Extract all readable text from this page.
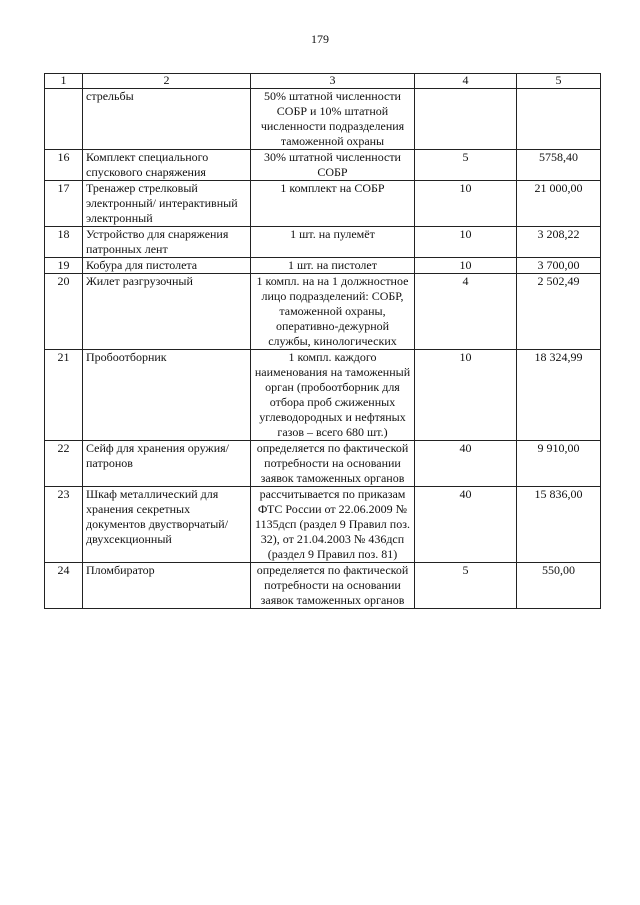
179
1	2	3	4	5
	стрельбы	50% штатной численности СОБР и 10% штатной численности подразделения таможенной охраны		
16	Комплект специального спускового снаряжения	30% штатной численности СОБР	5	5758,40
17	Тренажер стрелковый электронный/ интерактивный электронный	1 комплект на СОБР	10	21 000,00
18	Устройство для снаряжения патронных лент	1 шт. на пулемёт	10	3 208,22
19	Кобура для пистолета	1 шт. на пистолет	10	3 700,00
20	Жилет разгрузочный	1 компл. на на 1 должностное лицо подразделений: СОБР, таможенной охраны, оперативно-дежурной службы, кинологических	4	2 502,49
21	Пробоотборник	1 компл. каждого наименования на таможенный орган (пробоотборник для отбора проб сжиженных углеводородных и нефтяных газов – всего 680 шт.)	10	18 324,99
22	Сейф для хранения оружия/ патронов	определяется по фактической потребности на основании заявок таможенных органов	40	9 910,00
23	Шкаф металлический для хранения секретных документов двустворчатый/ двухсекционный	рассчитывается по приказам ФТС России от 22.06.2009 № 1135дсп (раздел 9 Правил поз. 32), от 21.04.2003 № 436дсп (раздел 9 Правил поз. 81)	40	15 836,00
24	Пломбиратор	определяется по фактической потребности на основании заявок таможенных органов	5	550,00
